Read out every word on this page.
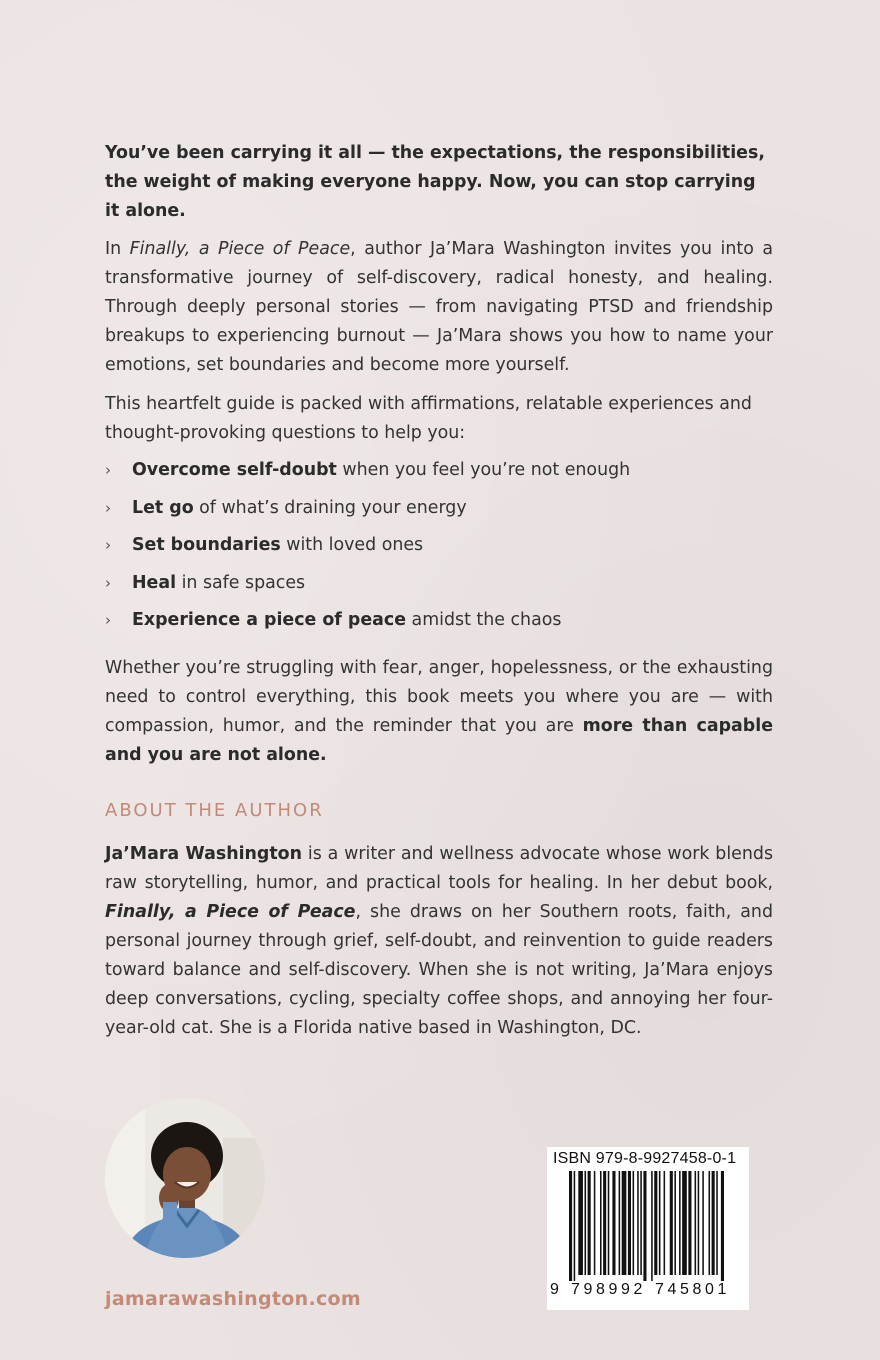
You’ve been carrying it all — the expectations, the responsibilities, the weight of making everyone happy. Now, you can stop carrying it alone.

In Finally, a Piece of Peace, author Ja’Mara Washington invites you into a transformative journey of self-discovery, radical honesty, and healing. Through deeply personal stories — from navigating PTSD and friendship breakups to experiencing burnout — Ja’Mara shows you how to name your emotions, set boundaries and become more yourself.

This heartfelt guide is packed with affirmations, relatable experiences and thought-provoking questions to help you:

›	Overcome self-doubt when you feel you’re not enough
›	Let go of what’s draining your energy
›	Set boundaries with loved ones
›	Heal in safe spaces
›	Experience a piece of peace amidst the chaos

Whether you’re struggling with fear, anger, hopelessness, or the exhausting need to control everything, this book meets you where you are — with compassion, humor, and the reminder that you are more than capable and you are not alone.

ABOUT THE AUTHOR

Ja’Mara Washington is a writer and wellness advocate whose work blends raw storytelling, humor, and practical tools for healing. In her debut book, Finally, a Piece of Peace, she draws on her Southern roots, faith, and personal journey through grief, self-doubt, and reinvention to guide readers toward balance and self-discovery. When she is not writing, Ja’Mara enjoys deep conversations, cycling, specialty coffee shops, and annoying her four-year-old cat. She is a Florida native based in Washington, DC.

jamarawashington.com
ISBN 979-8-9927458-0-1
9 798992 745801
